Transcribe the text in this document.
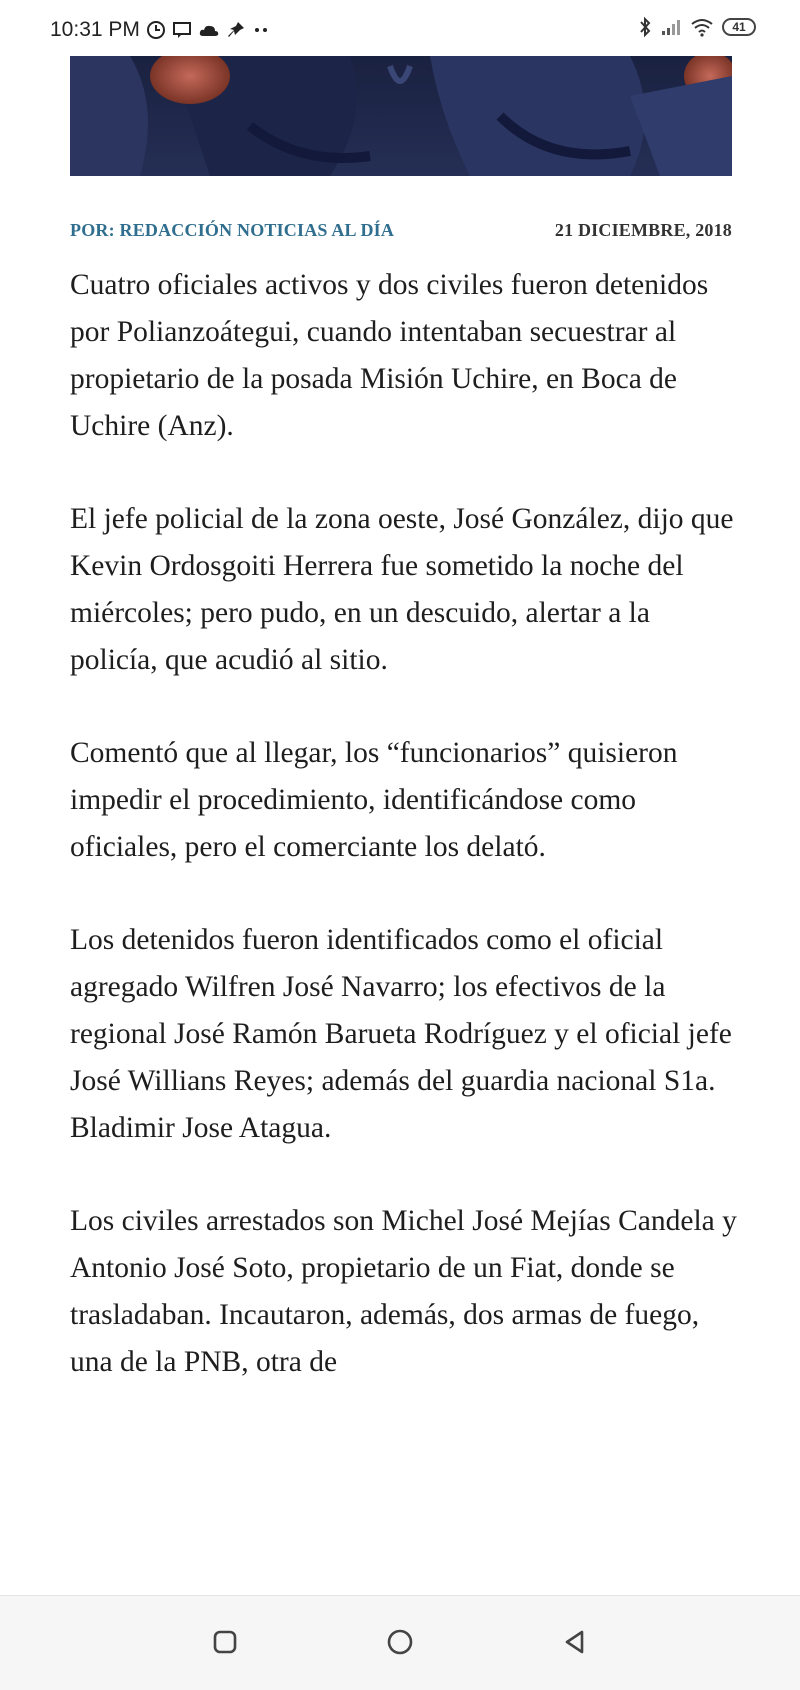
10:31 PM	41
POR: REDACCIÓN NOTICIAS AL DÍA	21 DICIEMBRE, 2018

Cuatro oficiales activos y dos civiles fueron detenidos por Polianzoátegui, cuando intentaban secuestrar al propietario de la posada Misión Uchire, en Boca de Uchire (Anz).

El jefe policial de la zona oeste, José González, dijo que Kevin Ordosgoiti Herrera fue sometido la noche del miércoles; pero pudo, en un descuido, alertar a la policía, que acudió al sitio.

Comentó que al llegar, los “funcionarios” quisieron impedir el procedimiento, identificándose como oficiales, pero el comerciante los delató.

Los detenidos fueron identificados como el oficial agregado Wilfren José Navarro; los efectivos de la regional José Ramón Barueta Rodríguez y el oficial jefe José Willians Reyes; además del guardia nacional S1a. Bladimir Jose Atagua.

Los civiles arrestados son Michel José Mejías Candela y Antonio José Soto, propietario de un Fiat, donde se trasladaban. Incautaron, además, dos armas de fuego, una de la PNB, otra de
